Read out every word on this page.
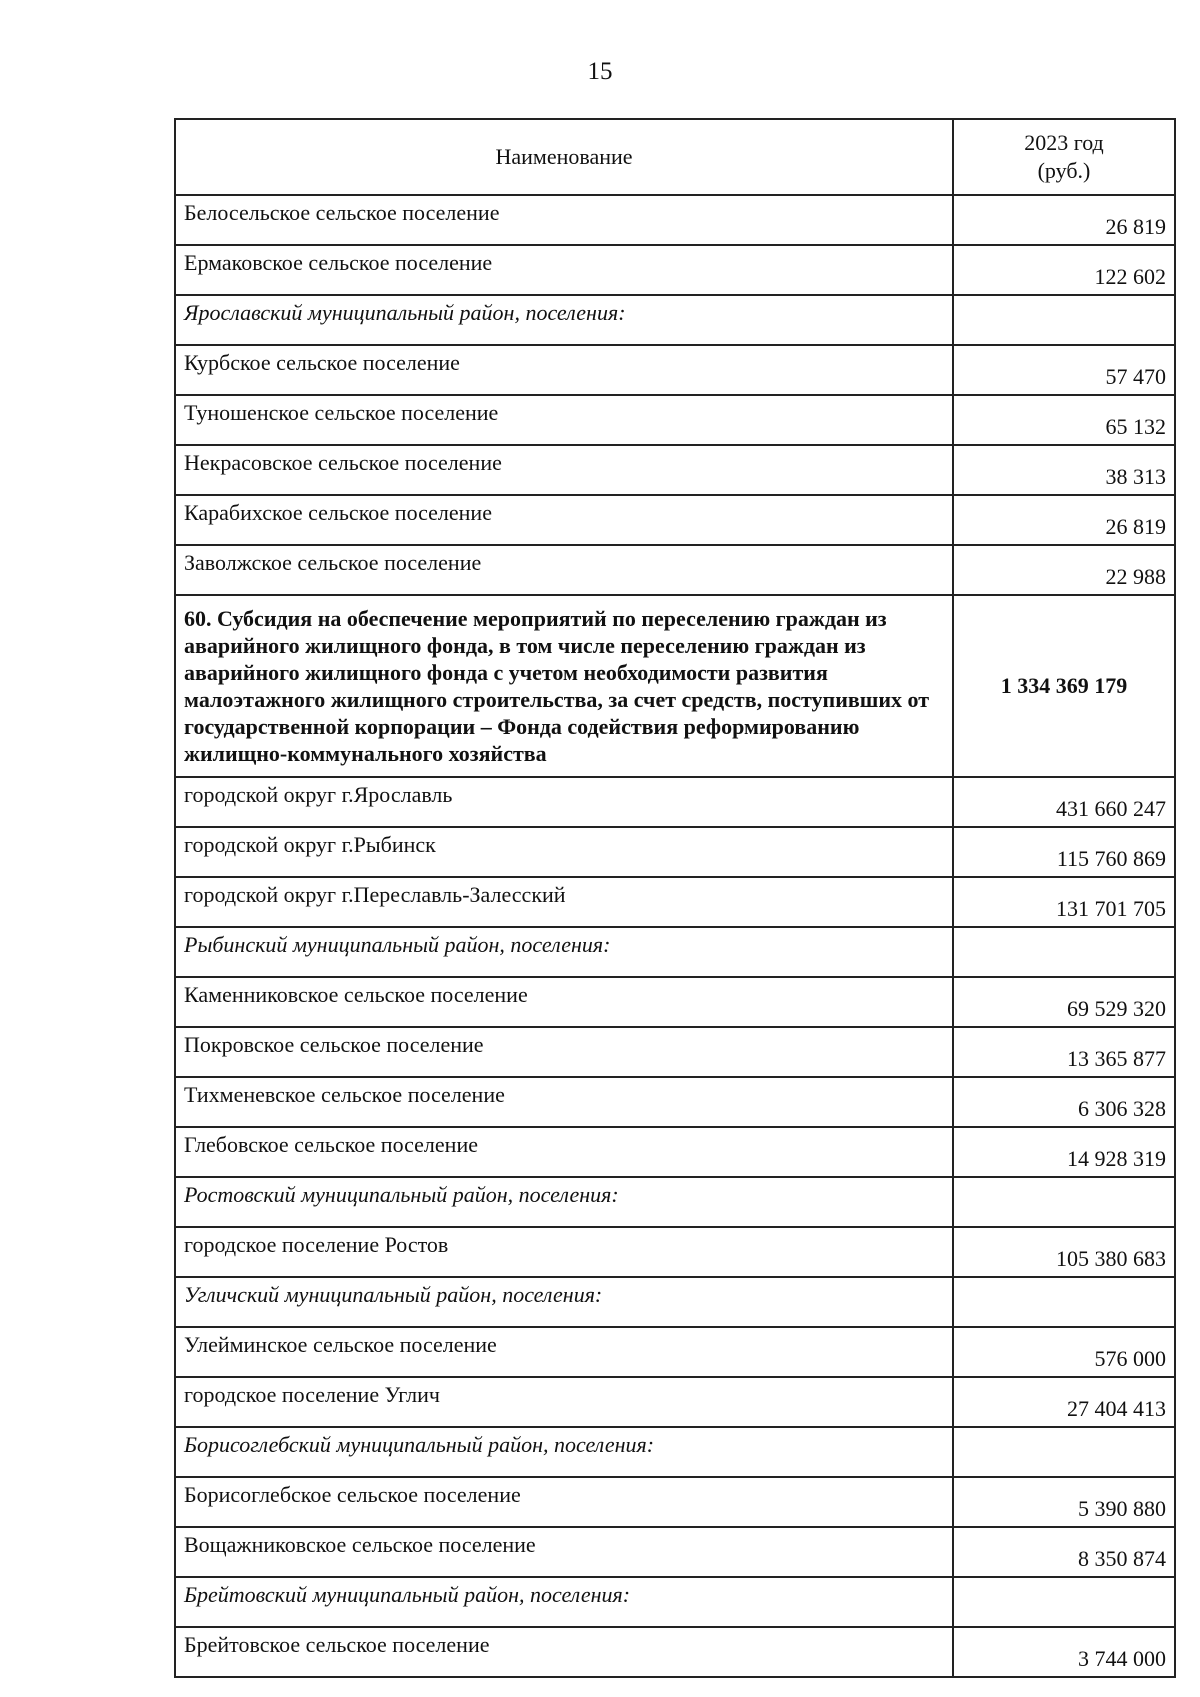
15
Наименование	2023 год
(руб.)
Белосельское сельское поселение	26 819
Ермаковское сельское поселение	122 602
Ярославский муниципальный район, поселения:	
Курбское сельское поселение	57 470
Туношенское сельское поселение	65 132
Некрасовское сельское поселение	38 313
Карабихское сельское поселение	26 819
Заволжское сельское поселение	22 988
60. Субсидия на обеспечение мероприятий по переселению граждан из аварийного жилищного фонда, в том числе переселению граждан из аварийного жилищного фонда с учетом необходимости развития малоэтажного жилищного строительства, за счет средств, поступивших от государственной корпорации – Фонда содействия реформированию жилищно-коммунального хозяйства	1 334 369 179
городской округ г.Ярославль	431 660 247
городской округ г.Рыбинск	115 760 869
городской округ г.Переславль-Залесский	131 701 705
Рыбинский муниципальный район, поселения:	
Каменниковское сельское поселение	69 529 320
Покровское сельское поселение	13 365 877
Тихменевское сельское поселение	6 306 328
Глебовское сельское поселение	14 928 319
Ростовский муниципальный район, поселения:	
городское поселение Ростов	105 380 683
Угличский муниципальный район, поселения:	
Улейминское сельское поселение	576 000
городское поселение Углич	27 404 413
Борисоглебский муниципальный район, поселения:	
Борисоглебское сельское поселение	5 390 880
Вощажниковское сельское поселение	8 350 874
Брейтовский муниципальный район, поселения:	
Брейтовское сельское поселение	3 744 000
